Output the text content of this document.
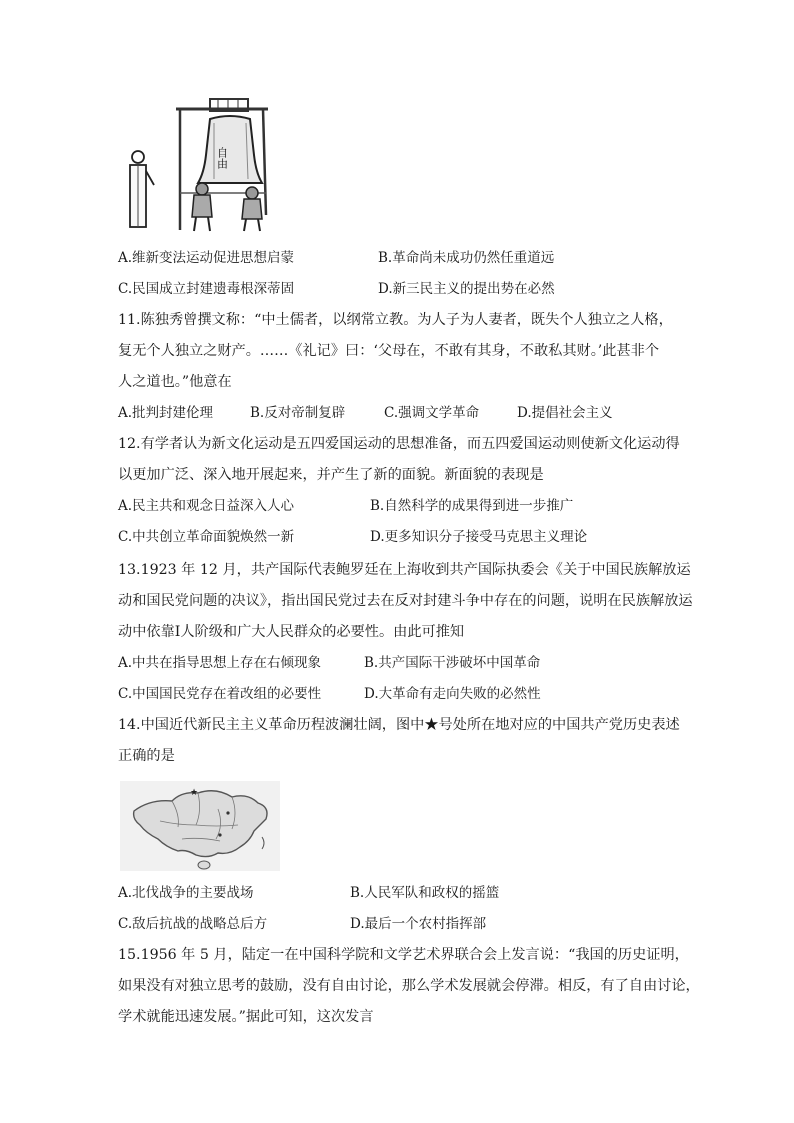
自由
A.维新变法运动促进思想启蒙	B.革命尚未成功仍然任重道远
C.民国成立封建遗毒根深蒂固	D.新三民主义的提出势在必然
11.陈独秀曾撰文称：“中土儒者，以纲常立教。为人子为人妻者，既失个人独立之人格，
复无个人独立之财产。……《礼记》曰：‘父母在，不敢有其身，不敢私其财。’此甚非个
人之道也。”他意在
A.批判封建伦理	B.反对帝制复辟	C.强调文学革命	D.提倡社会主义
12.有学者认为新文化运动是五四爱国运动的思想准备，而五四爱国运动则使新文化运动得
以更加广泛、深入地开展起来，并产生了新的面貌。新面貌的表现是
A.民主共和观念日益深入人心	B.自然科学的成果得到进一步推广
C.中共创立革命面貌焕然一新	D.更多知识分子接受马克思主义理论
13.1923 年 12 月，共产国际代表鲍罗廷在上海收到共产国际执委会《关于中国民族解放运
动和国民党问题的决议》，指出国民党过去在反对封建斗争中存在的问题，说明在民族解放运
动中依靠Ⅰ人阶级和广大人民群众的必要性。由此可推知
A.中共在指导思想上存在右倾现象	B.共产国际干涉破坏中国革命
C.中国国民党存在着改组的必要性	D.大革命有走向失败的必然性
14.中国近代新民主主义革命历程波澜壮阔，图中★号处所在地对应的中国共产党历史表述
正确的是
★
A.北伐战争的主要战场	B.人民军队和政权的摇篮
C.敌后抗战的战略总后方	D.最后一个农村指挥部
15.1956 年 5 月，陆定一在中国科学院和文学艺术界联合会上发言说：“我国的历史证明，
如果没有对独立思考的鼓励，没有自由讨论，那么学术发展就会停滞。相反，有了自由讨论，
学术就能迅速发展。”据此可知，这次发言
